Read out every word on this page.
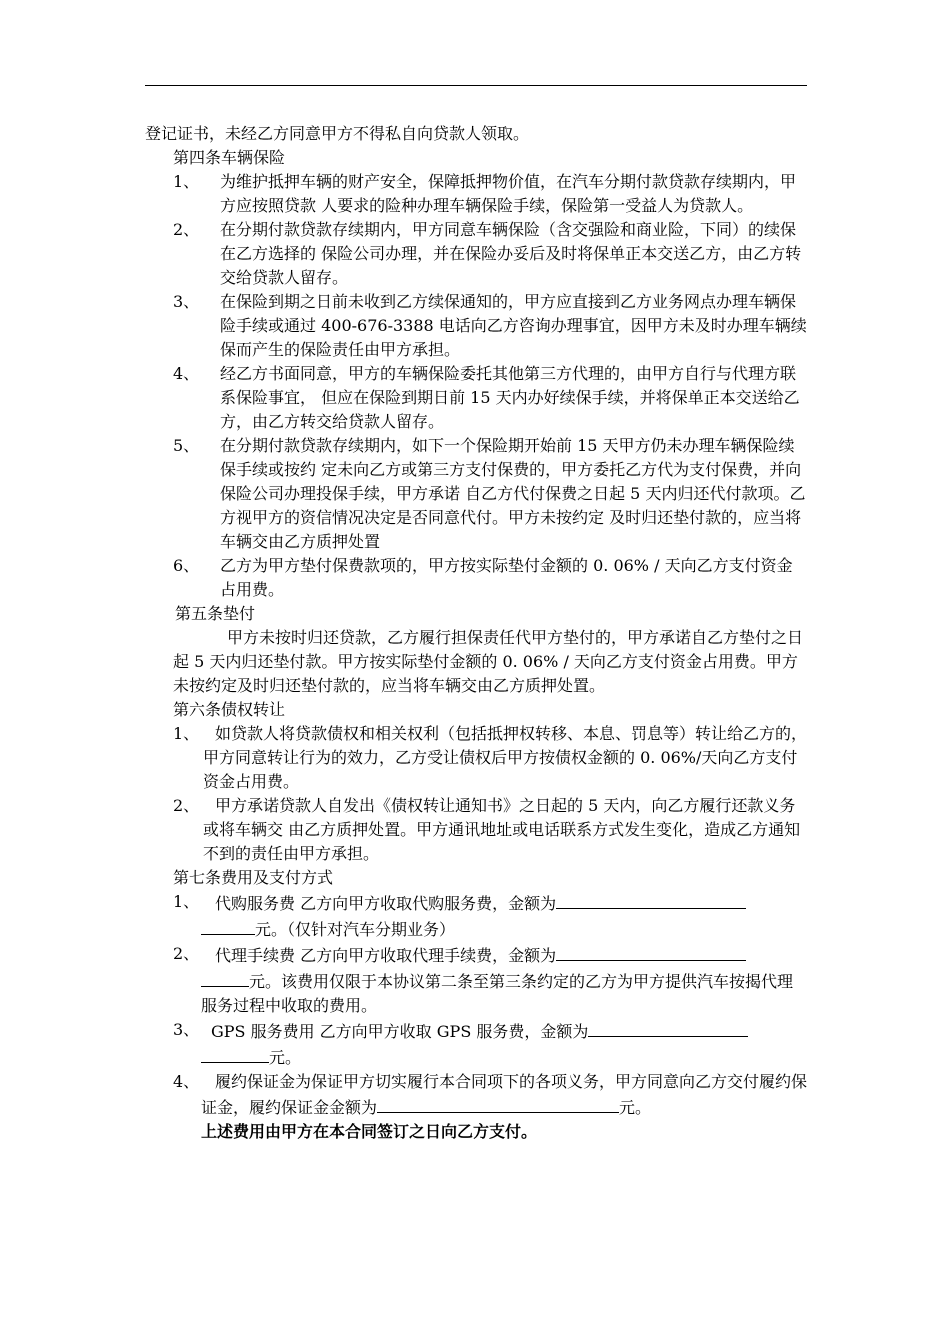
登记证书，未经乙方同意甲方不得私自向贷款人领取。

第四条车辆保险

1、	为维护抵押车辆的财产安全，保障抵押物价值，在汽车分期付款贷款存续期内，甲方应按照贷款 人要求的险种办理车辆保险手续，保险第一受益人为贷款人。
2、	在分期付款贷款存续期内，甲方同意车辆保险（含交强险和商业险，下同）的续保在乙方选择的 保险公司办理，并在保险办妥后及时将保单正本交送乙方，由乙方转交给贷款人留存。
3、	在保险到期之日前未收到乙方续保通知的，甲方应直接到乙方业务网点办理车辆保险手续或通过 400-676-3388 电话向乙方咨询办理事宜，因甲方未及时办理车辆续保而产生的保险责任由甲方承担。
4、	经乙方书面同意，甲方的车辆保险委托其他第三方代理的，由甲方自行与代理方联系保险事宜， 但应在保险到期日前 15 天内办好续保手续，并将保单正本交送给乙方，由乙方转交给贷款人留存。
5、	在分期付款贷款存续期内，如下一个保险期开始前 15 天甲方仍未办理车辆保险续保手续或按约 定未向乙方或第三方支付保费的，甲方委托乙方代为支付保费，并向保险公司办理投保手续，甲方承诺 自乙方代付保费之日起 5 天内归还代付款项。乙方视甲方的资信情况决定是否同意代付。甲方未按约定 及时归还垫付款的，应当将车辆交由乙方质押处置
6、	乙方为甲方垫付保费款项的，甲方按实际垫付金额的 0. 06% / 天向乙方支付资金占用费。

第五条垫付

甲方未按时归还贷款，乙方履行担保责任代甲方垫付的，甲方承诺自乙方垫付之日起 5 天内归还垫付款。甲方按实际垫付金额的 0. 06% / 天向乙方支付资金占用费。甲方未按约定及时归还垫付款的，应当将车辆交由乙方质押处置。

第六条债权转让

1、 如贷款人将贷款债权和相关权利（包括抵押权转移、本息、罚息等）转让给乙方的，甲方同意转让行为的效力，乙方受让债权后甲方按债权金额的 0. 06%/天向乙方支付资金占用费。
2、 甲方承诺贷款人自发出《债权转让通知书》之日起的 5 天内，向乙方履行还款义务或将车辆交 由乙方质押处置。甲方通讯地址或电话联系方式发生变化，造成乙方通知不到的责任由甲方承担。

第七条费用及支付方式

1、 代购服务费 乙方向甲方收取代购服务费，金额为
元。（仅针对汽车分期业务）
2、 代理手续费 乙方向甲方收取代理手续费，金额为
元。该费用仅限于本协议第二条至第三条约定的乙方为甲方提供汽车按揭代理服务过程中收取的费用。
3、 GPS 服务费用 乙方向甲方收取 GPS 服务费，金额为
元。
4、 履约保证金为保证甲方切实履行本合同项下的各项义务，甲方同意向乙方交付履约保证金，履约保证金金额为	元。

上述费用由甲方在本合同签订之日向乙方支付。
